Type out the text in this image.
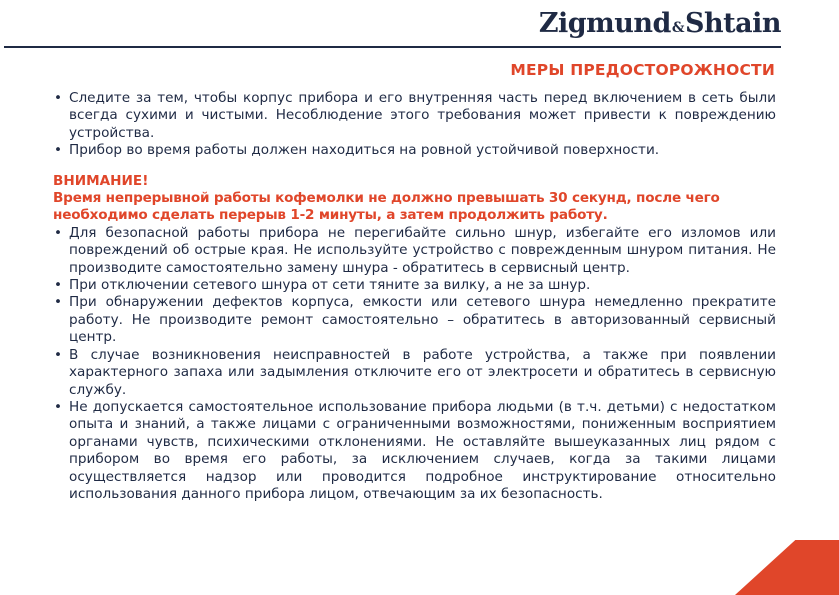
Zigmund&Shtain
МЕРЫ ПРЕДОСТОРОЖНОСТИ
• Следите за тем, чтобы корпус прибора и его внутренняя часть перед включением в сеть были всегда сухими и чистыми. Несоблюдение этого требования может привести к повреждению устройства.
• Прибор во время работы должен находиться на ровной устойчивой поверхности.
ВНИМАНИЕ!
Время непрерывной работы кофемолки не должно превышать 30 секунд, после чего необходимо сделать перерыв 1-2 минуты, а затем продолжить работу.
• Для безопасной работы прибора не перегибайте сильно шнур, избегайте его изломов или повреждений об острые края. Не используйте устройство с поврежденным шнуром питания. Не производите самостоятельно замену шнура - обратитесь в сервисный центр.
• При отключении сетевого шнура от сети тяните за вилку, а не за шнур.
• При обнаружении дефектов корпуса, емкости или сетевого шнура немедленно прекратите работу. Не производите ремонт самостоятельно – обратитесь в авторизованный сервисный центр.
• В случае возникновения неисправностей в работе устройства, а также при появлении характерного запаха или задымления отключите его от электросети и обратитесь в сервисную службу.
• Не допускается самостоятельное использование прибора людьми (в т.ч. детьми) с недостатком опыта и знаний, а также лицами с ограниченными возможностями, пониженным восприятием органами чувств, психическими отклонениями. Не оставляйте вышеуказанных лиц рядом с прибором во время его работы, за исключением случаев, когда за такими лицами осуществляется надзор или проводится подробное инструктирование относительно использования данного прибора лицом, отвечающим за их безопасность.
